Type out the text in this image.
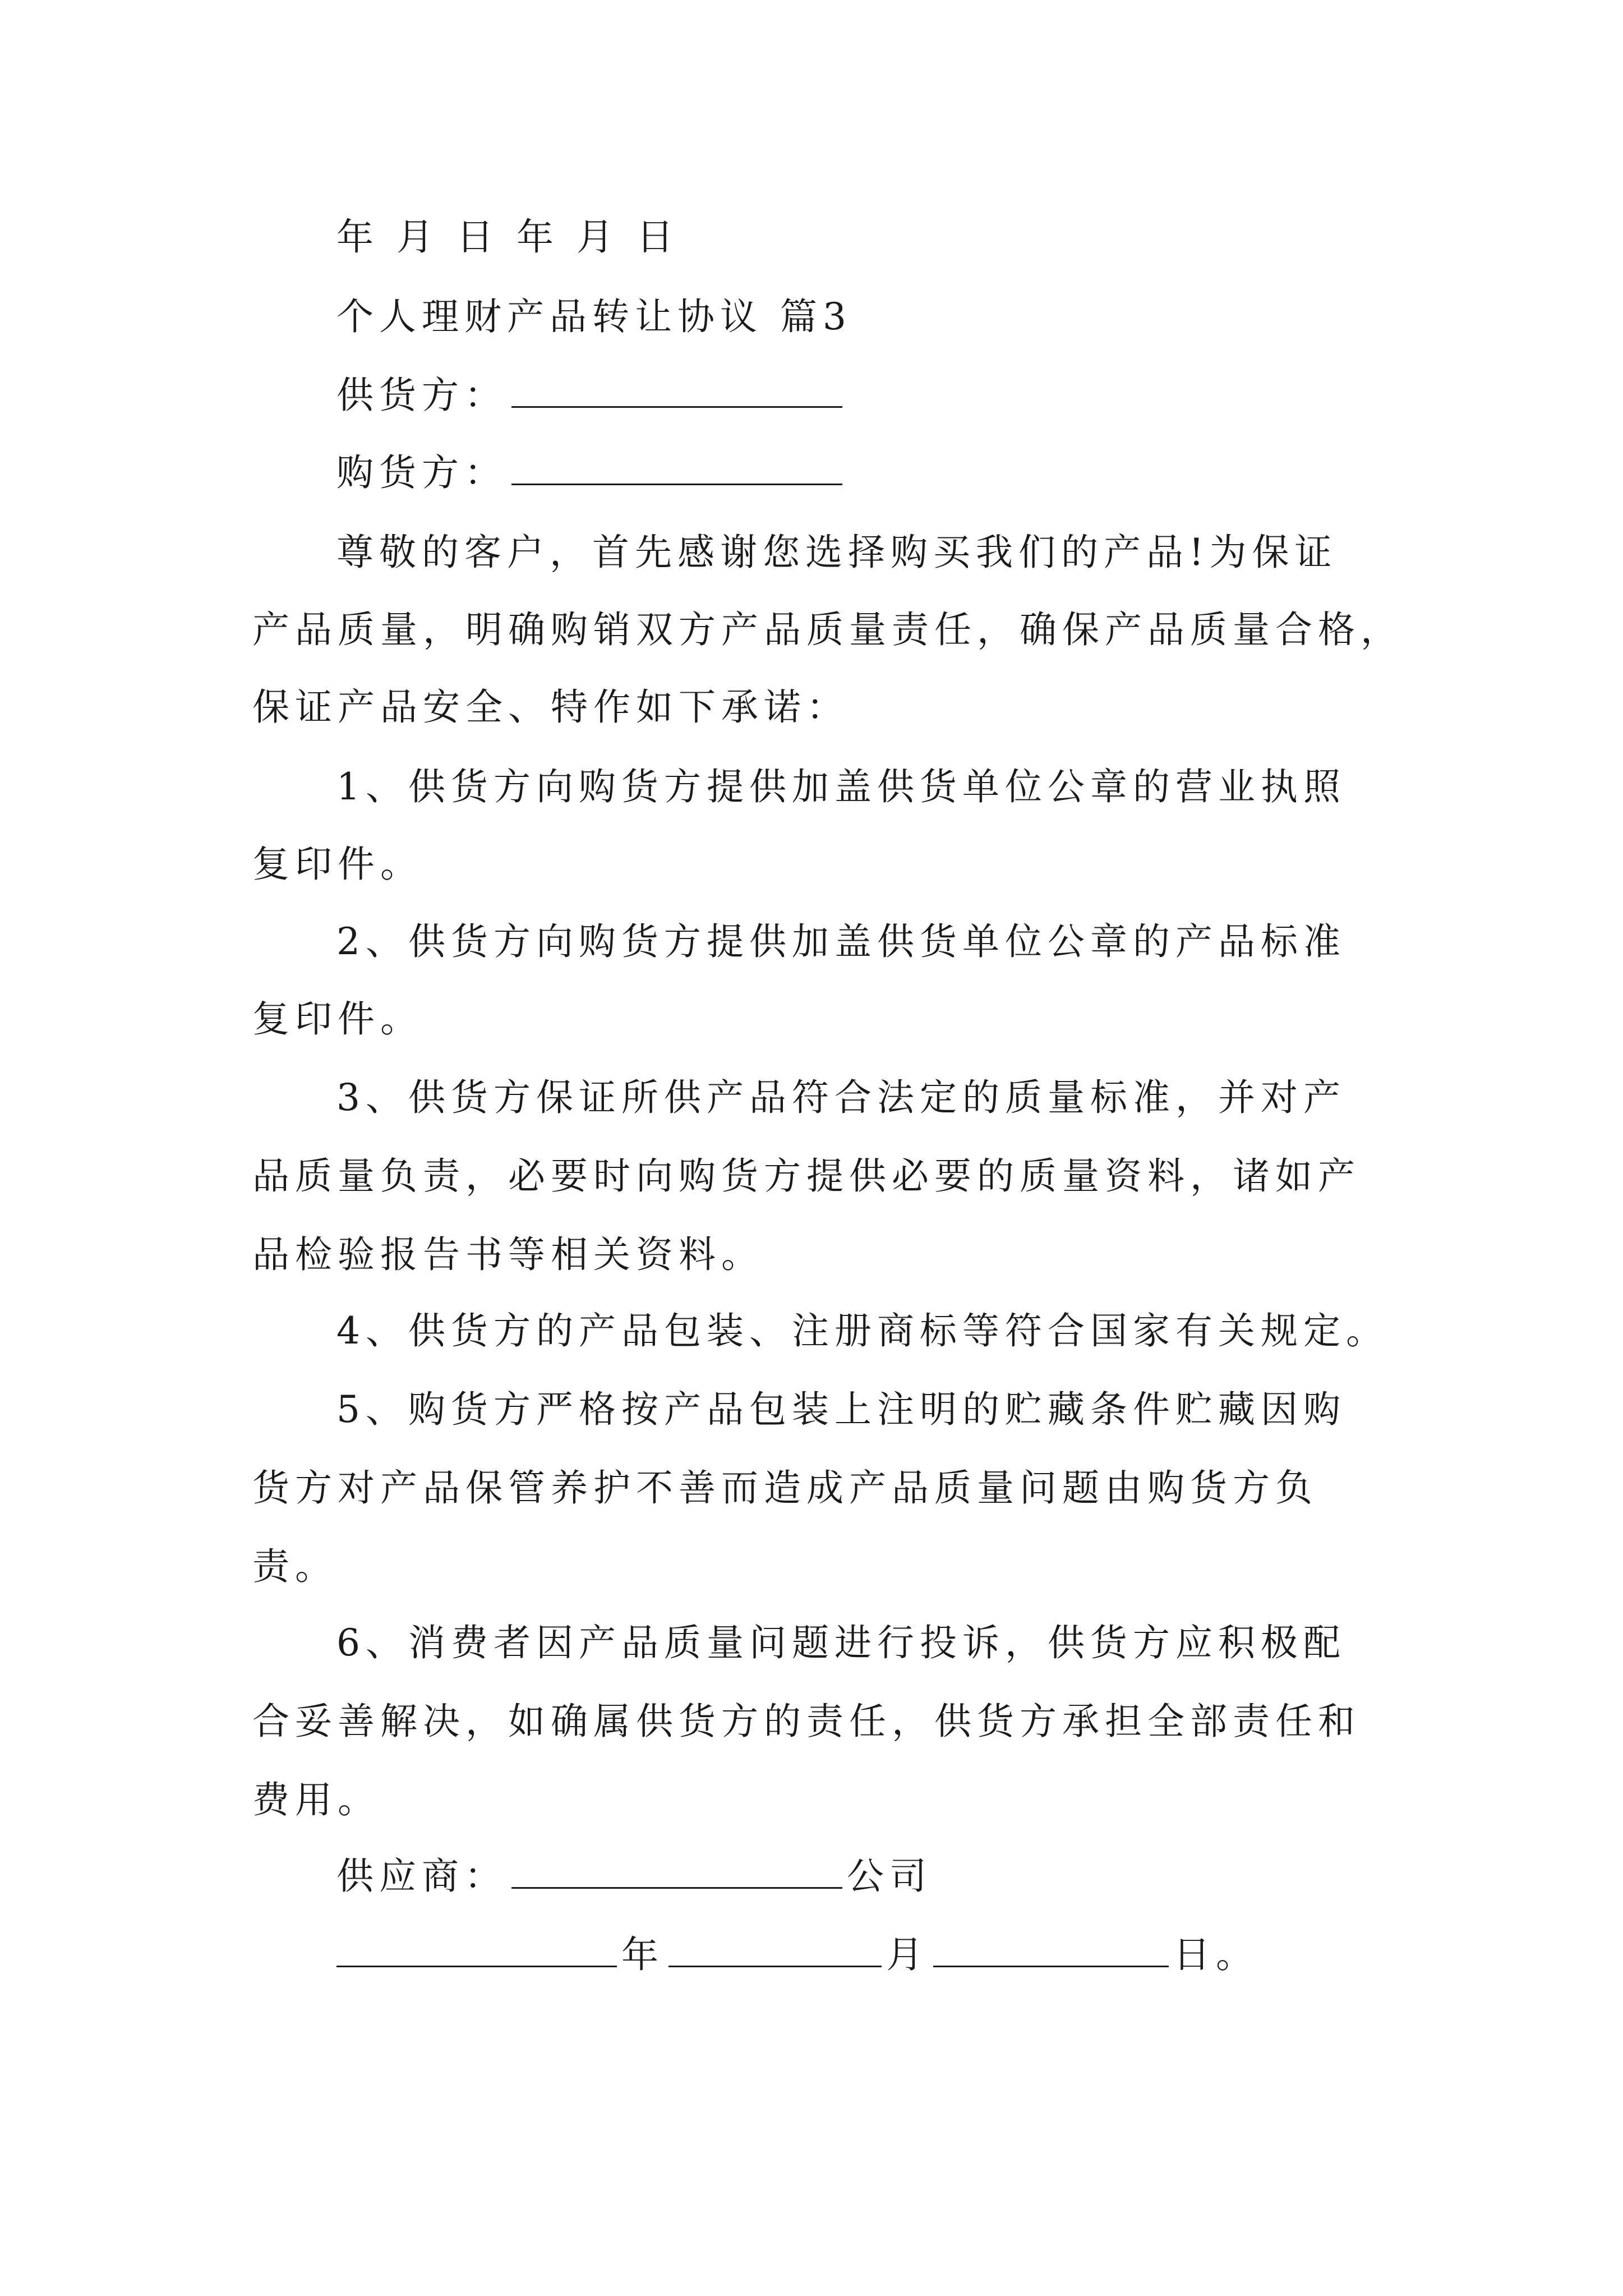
年 月 日 年 月 日
个人理财产品转让协议 篇3
供货方：
购货方：
尊敬的客户，首先感谢您选择购买我们的产品!为保证
产品质量，明确购销双方产品质量责任，确保产品质量合格，
保证产品安全、特作如下承诺：
1、供货方向购货方提供加盖供货单位公章的营业执照
复印件。
2、供货方向购货方提供加盖供货单位公章的产品标准
复印件。
3、供货方保证所供产品符合法定的质量标准，并对产
品质量负责，必要时向购货方提供必要的质量资料，诸如产
品检验报告书等相关资料。
4、供货方的产品包装、注册商标等符合国家有关规定。
5、购货方严格按产品包装上注明的贮藏条件贮藏因购
货方对产品保管养护不善而造成产品质量问题由购货方负
责。
6、消费者因产品质量问题进行投诉，供货方应积极配
合妥善解决，如确属供货方的责任，供货方承担全部责任和
费用。
供应商：	公司
年	月	日。
